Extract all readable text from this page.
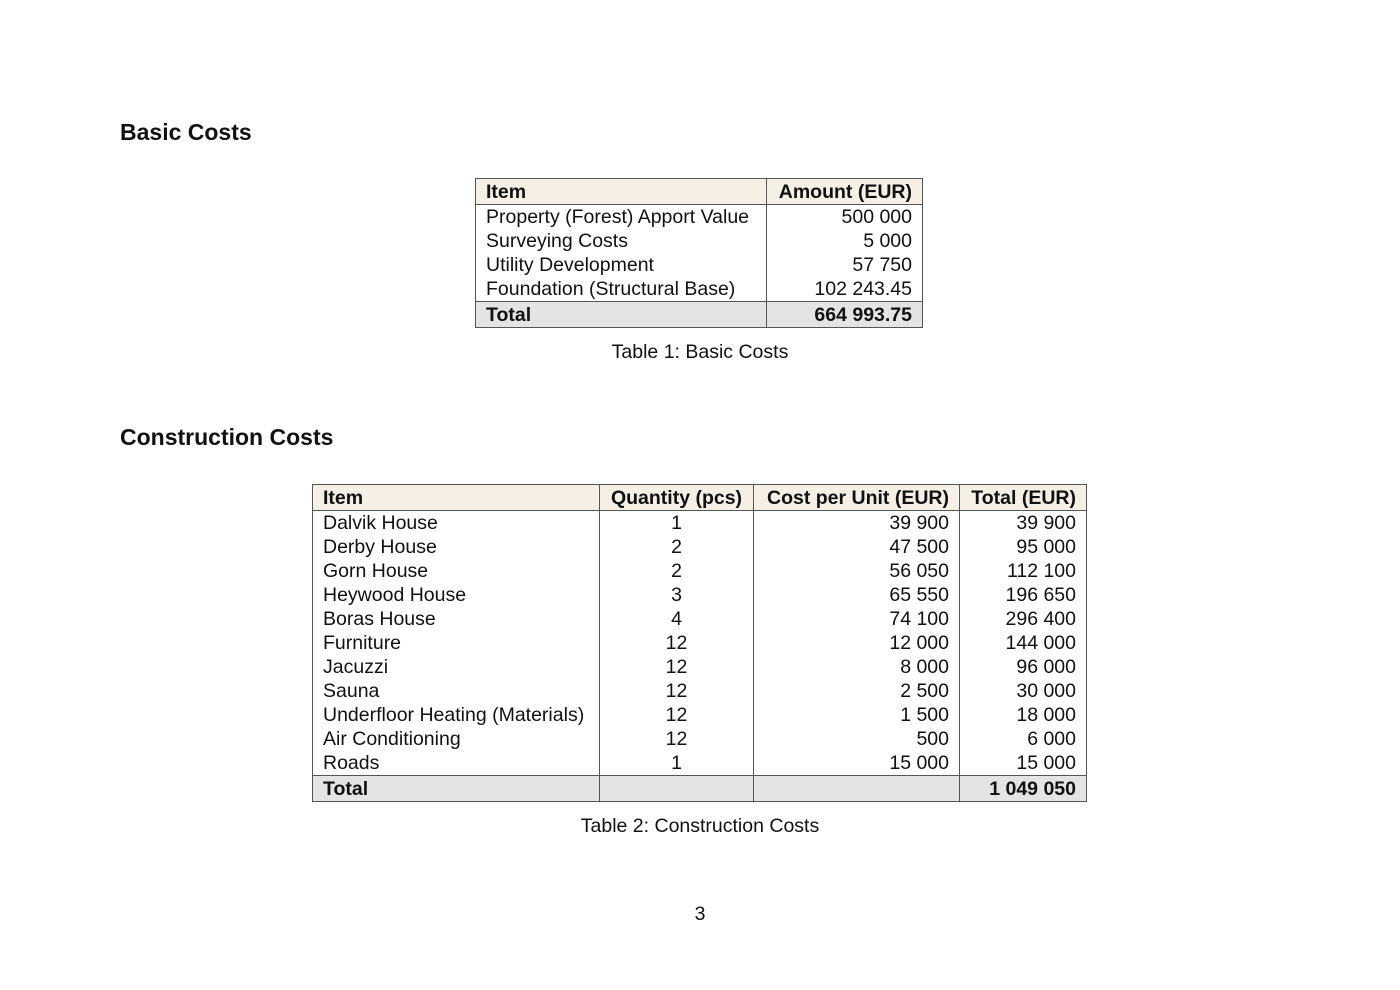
Basic Costs
Item	Amount (EUR)
Property (Forest) Apport Value	500 000
Surveying Costs	5 000
Utility Development	57 750
Foundation (Structural Base)	102 243.45
Total	664 993.75
Table 1: Basic Costs
Construction Costs
Item	Quantity (pcs)	Cost per Unit (EUR)	Total (EUR)
Dalvik House	1	39 900	39 900
Derby House	2	47 500	95 000
Gorn House	2	56 050	112 100
Heywood House	3	65 550	196 650
Boras House	4	74 100	296 400
Furniture	12	12 000	144 000
Jacuzzi	12	8 000	96 000
Sauna	12	2 500	30 000
Underfloor Heating (Materials)	12	1 500	18 000
Air Conditioning	12	500	6 000
Roads	1	15 000	15 000
Total			1 049 050
Table 2: Construction Costs
3
